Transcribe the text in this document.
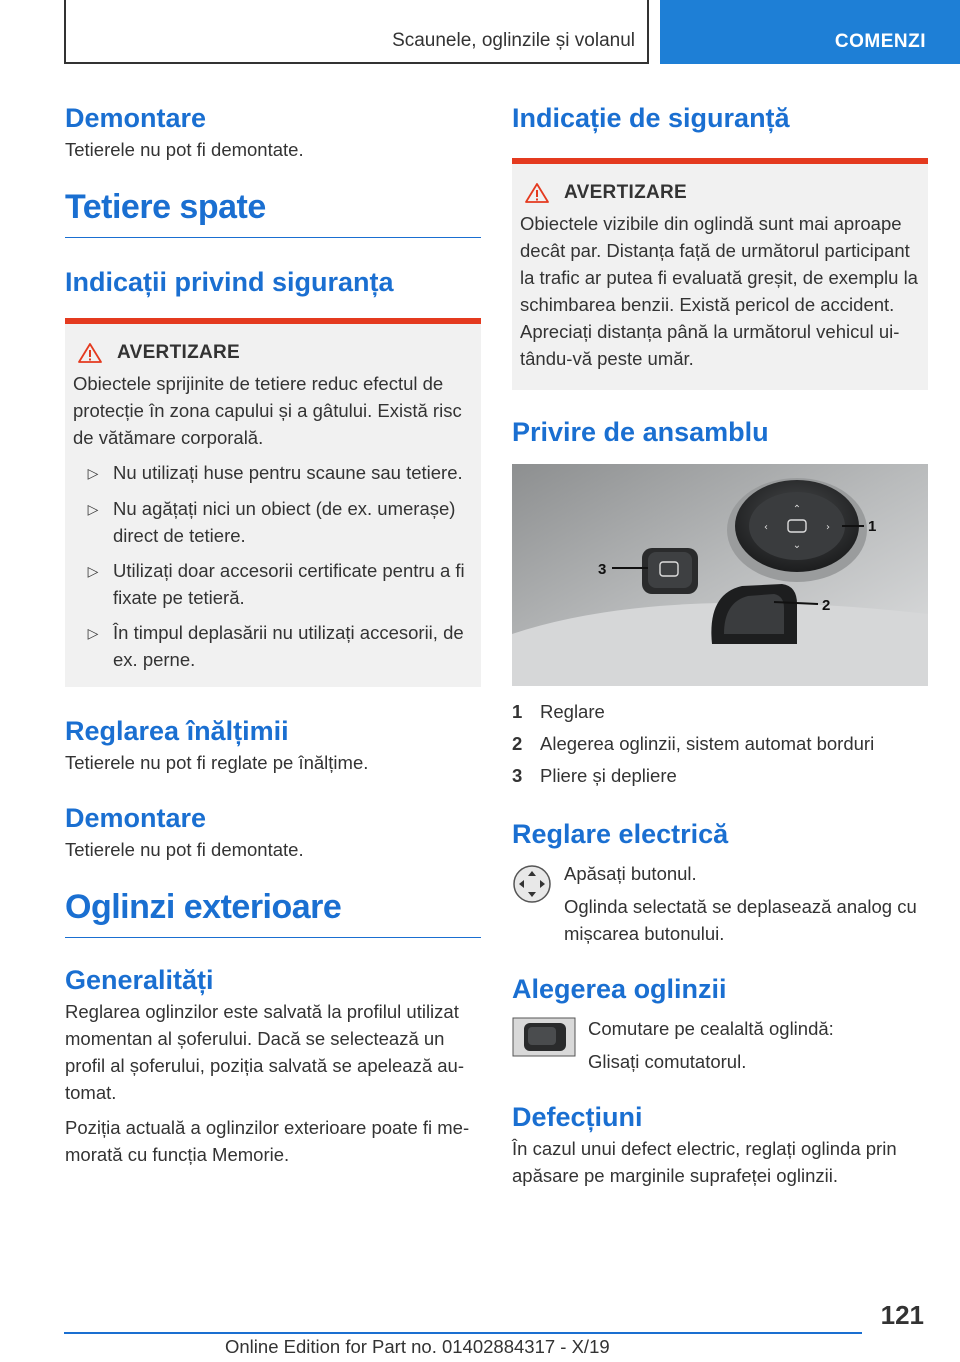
Scaunele, oglinzile și volanul	COMENZI
Demontare

Tetierele nu pot fi demontate.

Tetiere spate
Indicații privind siguranța
AVERTIZARE

Obiectele sprijinite de tetiere reduc efectul de protecție în zona capului și a gâtului. Există risc de vătămare corporală.

▷ Nu utilizați huse pentru scaune sau tetiere.
▷ Nu agățați nici un obiect (de ex. umerașe) direct de tetiere.
▷ Utilizați doar accesorii certificate pentru a fi fixate pe tetieră.
▷ În timpul deplasării nu utilizați accesorii, de ex. perne.
Reglarea înălțimii

Tetierele nu pot fi reglate pe înălțime.

Demontare

Tetierele nu pot fi demontate.

Oglinzi exterioare
Generalități

Reglarea oglinzilor este salvată la profilul utilizat momentan al șoferului. Dacă se selectează un profil al șoferului, poziția salvată se apelează au- tomat.

Poziția actuală a oglinzilor exterioare poate fi me- morată cu funcția Memorie.

Indicație de siguranță
AVERTIZARE

Obiectele vizibile din oglindă sunt mai aproape decât par. Distanța față de următorul participant la trafic ar putea fi evaluată greșit, de exemplu la schimbarea benzii. Există pericol de accident. Apreciați distanța până la următorul vehicul ui- tându-vă peste umăr.

Privire de ansamblu
⌃
⌄
‹	›	1
2
3
1 Reglare
2 Alegerea oglinzii, sistem automat borduri
3 Pliere și depliere
Reglare electrică

Apăsați butonul.

Oglinda selectată se deplasează analog cu mișcarea butonului.

Alegerea oglinzii

Comutare pe cealaltă oglindă:

Glisați comutatorul.

Defecțiuni

În cazul unui defect electric, reglați oglinda prin apăsare pe marginile suprafeței oglinzii.

121
Online Edition for Part no. 01402884317 - X/19
